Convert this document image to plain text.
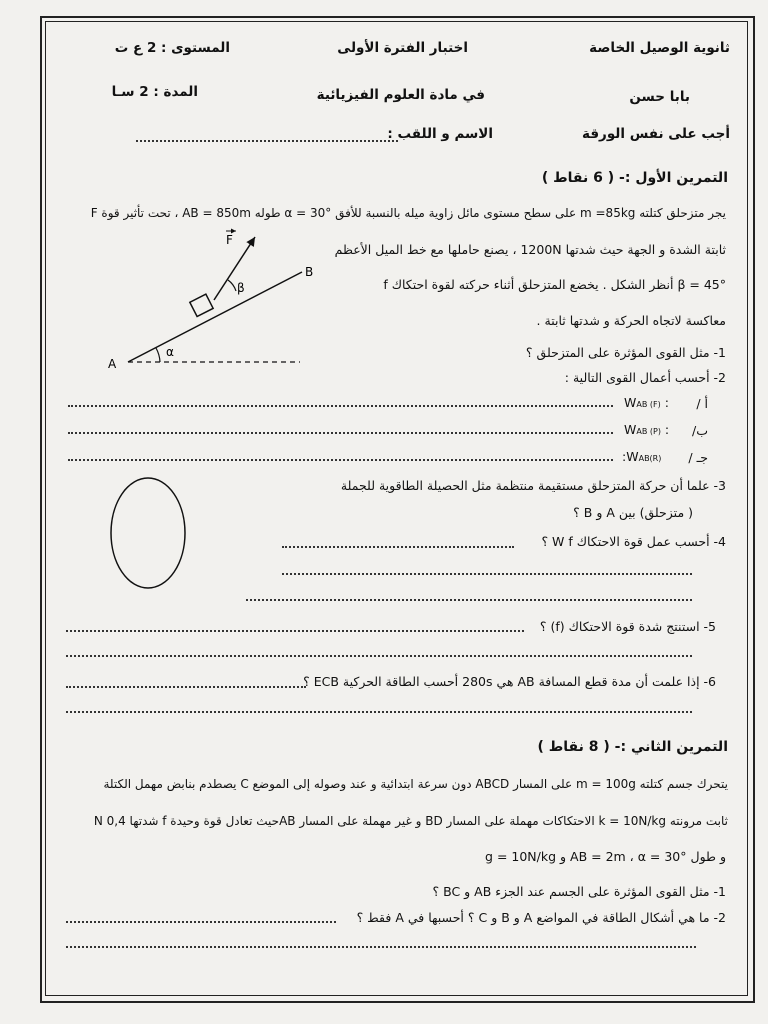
ثانوية الوصيل الخاصة
بابا حسن
أجب على نفس الورقة
اختبار الفترة الأولى
في مادة العلوم الفيزيائية
الاسم و اللقب :
المستوى : 2 ع ت
المدة : 2 سـا
التمرين الأول :- ( 6 نقاط )
يجر متزحلق كتلته m =85kg على سطح مستوى مائل زاوية ميله بالنسبة للأفق α = 30° طوله AB = 850m ، تحت تأثير قوة F
ثابتة الشدة و الجهة حيث شدتها 1200N ، يصنع حاملها مع خط الميل الأعظم
β = 45° أنظر الشكل . يخضع المتزحلق أثناء حركته لقوة احتكاك f
معاكسة لاتجاه الحركة و شدتها ثابتة .
1- مثل القوى المؤثرة على المتزحلق ؟
2- أحسب أعمال القوى التالية :
أ /
WAB (F) :
ب/
WAB (P) :
جـ /
:WAB(R)
3- علما أن حركة المتزحلق مستقيمة منتظمة مثل الحصيلة الطاقوية للجملة
( متزحلق) بين A و B ؟
4- أحسب عمل قوة الاحتكاك W f ؟
5- استنتج شدة قوة الاحتكاك (f) ؟
6- إذا علمت أن مدة قطع المسافة AB هي 280s أحسب الطاقة الحركية ECB ؟
A
B
F
α
β
التمرين الثاني :- ( 8 نقاط )
يتحرك جسم كتلته m = 100g على المسار ABCD دون سرعة ابتدائية و عند وصوله إلى الموضع C يصطدم بنابض مهمل الكتلة
ثابت مرونته k = 10N/kg الاحتكاكات مهملة على المسار BD و غير مهملة على المسار ABحيث تعادل قوة وحيدة f شدتها 0,4 N
و طول AB = 2m ، α = 30° و g = 10N/kg
1- مثل القوى المؤثرة على الجسم عند الجزء AB و BC ؟
2- ما هي أشكال الطاقة في المواضع A و B و C ؟ أحسبها في A فقط ؟
